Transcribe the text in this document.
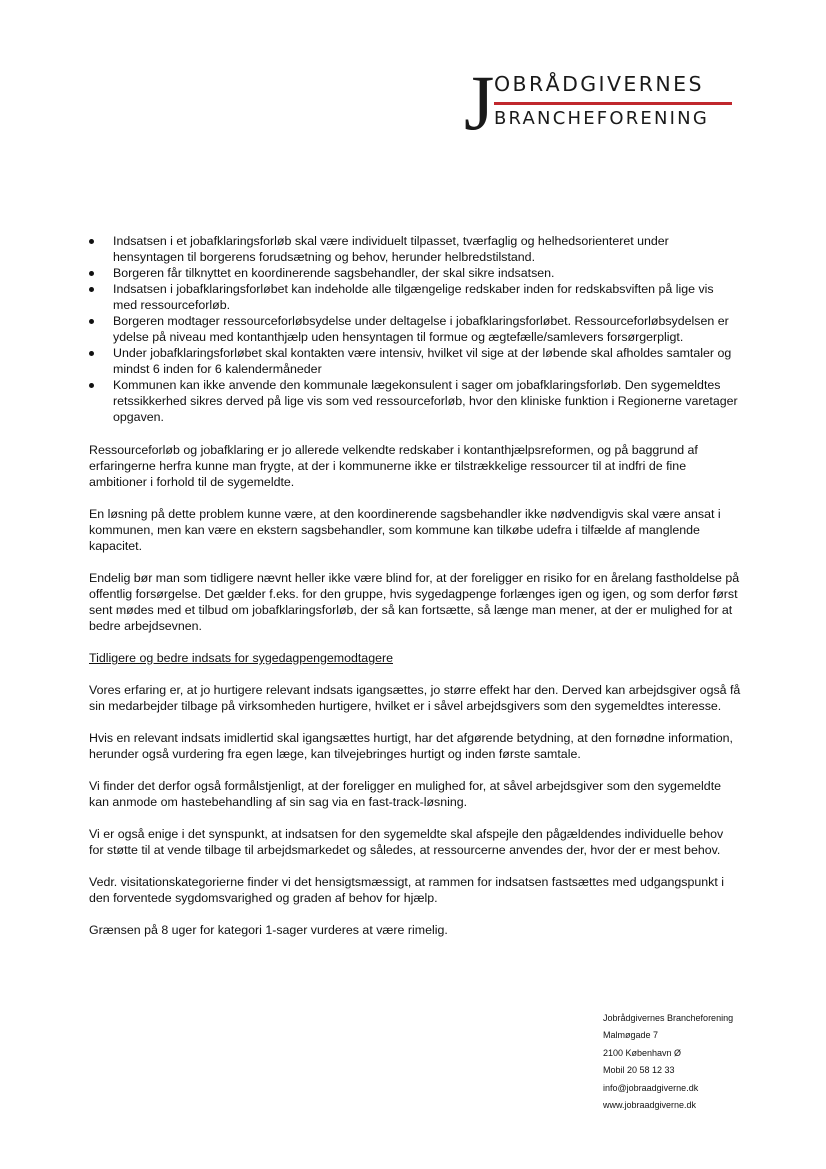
J OBRÅDGIVERNES
BRANCHEFORENING
Indsatsen i et jobafklaringsforløb skal være individuelt tilpasset, tværfaglig og helhedsorienteret under hensyntagen til borgerens forudsætning og behov, herunder helbredstilstand.
Borgeren får tilknyttet en koordinerende sagsbehandler, der skal sikre indsatsen.
Indsatsen i jobafklaringsforløbet kan indeholde alle tilgængelige redskaber inden for redskabsviften på lige vis med ressourceforløb.
Borgeren modtager ressourceforløbsydelse under deltagelse i jobafklaringsforløbet. Ressourceforløbsydelsen er ydelse på niveau med kontanthjælp uden hensyntagen til formue og ægtefælle/samlevers forsørgerpligt.
Under jobafklaringsforløbet skal kontakten være intensiv, hvilket vil sige at der løbende skal afholdes samtaler og mindst 6 inden for 6 kalendermåneder
Kommunen kan ikke anvende den kommunale lægekonsulent i sager om jobafklaringsforløb. Den sygemeldtes retssikkerhed sikres derved på lige vis som ved ressourceforløb, hvor den kliniske funktion i Regionerne varetager opgaven.

Ressourceforløb og jobafklaring er jo allerede velkendte redskaber i kontanthjælpsreformen, og på baggrund af erfaringerne herfra kunne man frygte, at der i kommunerne ikke er tilstrækkelige ressourcer til at indfri de fine ambitioner i forhold til de sygemeldte.

En løsning på dette problem kunne være, at den koordinerende sagsbehandler ikke nødvendigvis skal være ansat i kommunen, men kan være en ekstern sagsbehandler, som kommune kan tilkøbe udefra i tilfælde af manglende kapacitet.

Endelig bør man som tidligere nævnt heller ikke være blind for, at der foreligger en risiko for en årelang fastholdelse på offentlig forsørgelse. Det gælder f.eks. for den gruppe, hvis sygedagpenge forlænges igen og igen, og som derfor først sent mødes med et tilbud om jobafklaringsforløb, der så kan fortsætte, så længe man mener, at der er mulighed for at bedre arbejdsevnen.

Tidligere og bedre indsats for sygedagpengemodtagere

Vores erfaring er, at jo hurtigere relevant indsats igangsættes, jo større effekt har den. Derved kan arbejdsgiver også få sin medarbejder tilbage på virksomheden hurtigere, hvilket er i såvel arbejdsgivers som den sygemeldtes interesse.

Hvis en relevant indsats imidlertid skal igangsættes hurtigt, har det afgørende betydning, at den fornødne information, herunder også vurdering fra egen læge, kan tilvejebringes hurtigt og inden første samtale.

Vi finder det derfor også formålstjenligt, at der foreligger en mulighed for, at såvel arbejdsgiver som den sygemeldte kan anmode om hastebehandling af sin sag via en fast-track-løsning.

Vi er også enige i det synspunkt, at indsatsen for den sygemeldte skal afspejle den pågældendes individuelle behov for støtte til at vende tilbage til arbejdsmarkedet og således, at ressourcerne anvendes der, hvor der er mest behov.

Vedr. visitationskategorierne finder vi det hensigtsmæssigt, at rammen for indsatsen fastsættes med udgangspunkt i den forventede sygdomsvarighed og graden af behov for hjælp.

Grænsen på 8 uger for kategori 1-sager vurderes at være rimelig.

Jobrådgivernes Brancheforening
Malmøgade 7
2100 København Ø
Mobil 20 58 12 33
info@jobraadgiverne.dk
www.jobraadgiverne.dk
